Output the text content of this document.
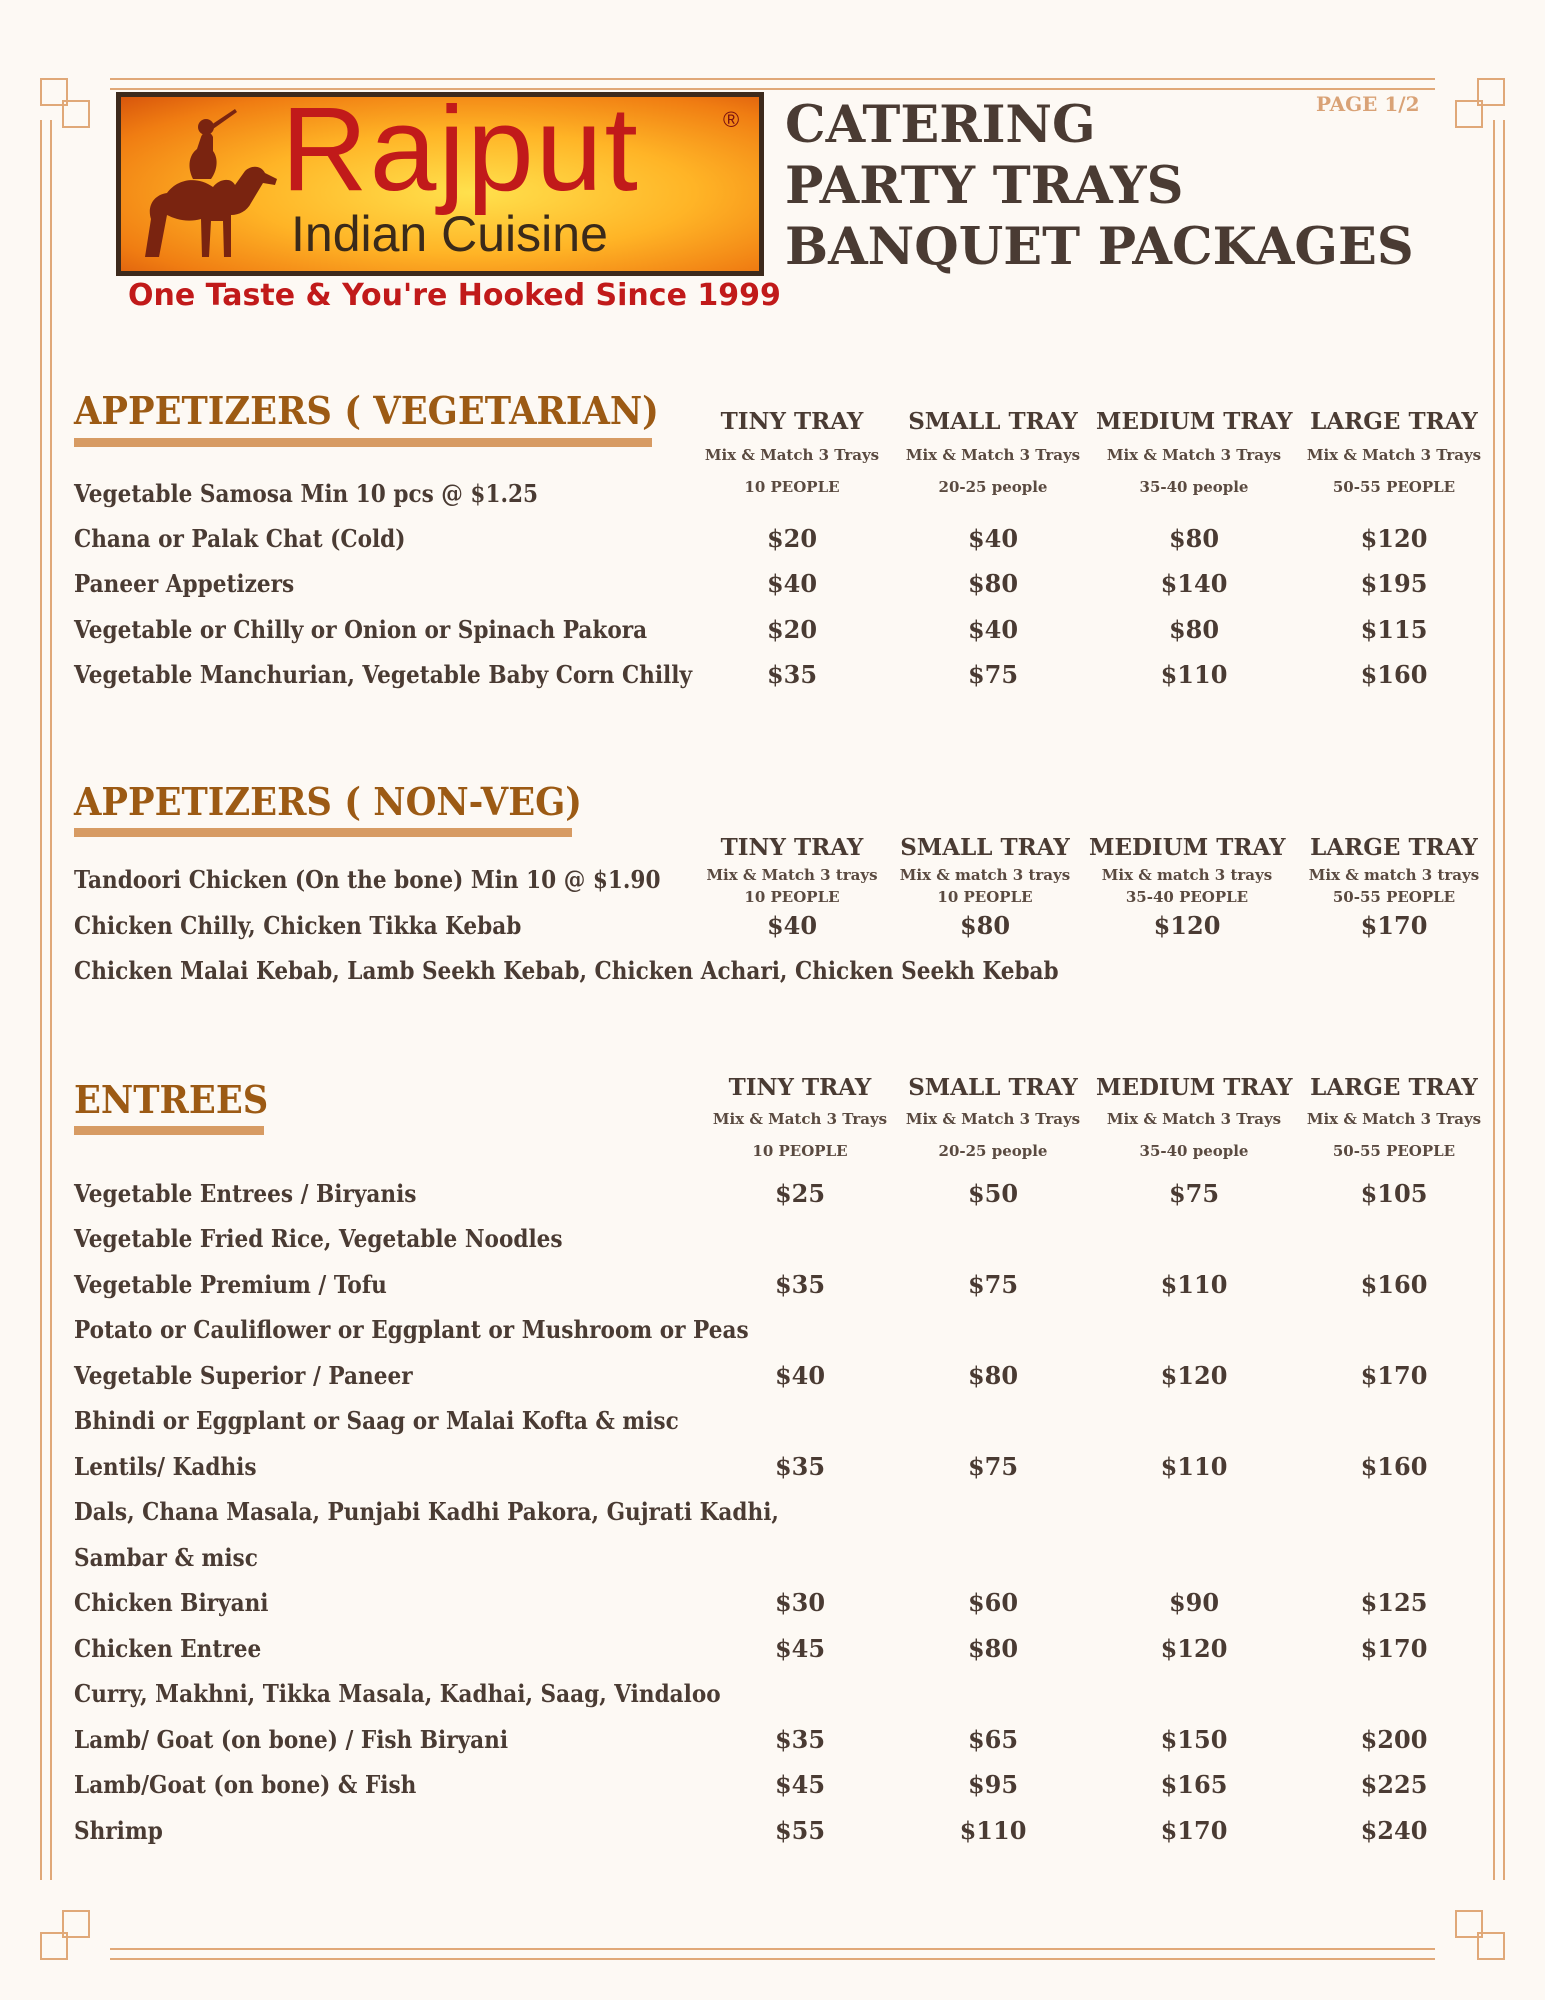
Rajput	®
Indian Cuisine
One Taste & You're Hooked Since 1999
CATERING
PARTY TRAYS
BANQUET PACKAGES
PAGE 1/2
APPETIZERS ( VEGETARIAN)	TINY TRAY	SMALL TRAY MEDIUM TRAY LARGE TRAY
Mix & Match 3 Trays	Mix & Match 3 Trays	Mix & Match 3 Trays	Mix & Match 3 Trays
10 PEOPLE	20-25 people	35-40 people	50-55 PEOPLE
Vegetable Samosa Min 10 pcs @ $1.25
Chana or Palak Chat (Cold)	$20	$40	$80	$120
Paneer Appetizers	$40	$80	$140	$195
Vegetable or Chilly or Onion or Spinach Pakora	$20	$40	$80	$115
Vegetable Manchurian, Vegetable Baby Corn Chilly	$35	$75	$110	$160
APPETIZERS ( NON-VEG)
TINY TRAY	SMALL TRAY MEDIUM TRAY	LARGE TRAY
Mix & Match 3 trays	Mix & match 3 trays	Mix & match 3 trays	Mix & match 3 trays
10 PEOPLE	10 PEOPLE	35-40 PEOPLE	50-55 PEOPLE
Tandoori Chicken (On the bone) Min 10 @ $1.90
Chicken Chilly, Chicken Tikka Kebab	$40	$80	$120	$170
Chicken Malai Kebab, Lamb Seekh Kebab, Chicken Achari, Chicken Seekh Kebab
ENTREES	TINY TRAY	SMALL TRAY MEDIUM TRAY LARGE TRAY
Mix & Match 3 Trays	Mix & Match 3 Trays	Mix & Match 3 Trays	Mix & Match 3 Trays
10 PEOPLE	20-25 people	35-40 people	50-55 PEOPLE
Vegetable Entrees / Biryanis	$25	$50	$75	$105
Vegetable Fried Rice, Vegetable Noodles
Vegetable Premium / Tofu	$35	$75	$110	$160
Potato or Cauliflower or Eggplant or Mushroom or Peas
Vegetable Superior / Paneer	$40	$80	$120	$170
Bhindi or Eggplant or Saag or Malai Kofta & misc
Lentils/ Kadhis	$35	$75	$110	$160
Dals, Chana Masala, Punjabi Kadhi Pakora, Gujrati Kadhi,
Sambar & misc
Chicken Biryani	$30	$60	$90	$125
Chicken Entree	$45	$80	$120	$170
Curry, Makhni, Tikka Masala, Kadhai, Saag, Vindaloo
Lamb/ Goat (on bone) / Fish Biryani	$35	$65	$150	$200
Lamb/Goat (on bone) & Fish	$45	$95	$165	$225
Shrimp	$55	$110	$170	$240
